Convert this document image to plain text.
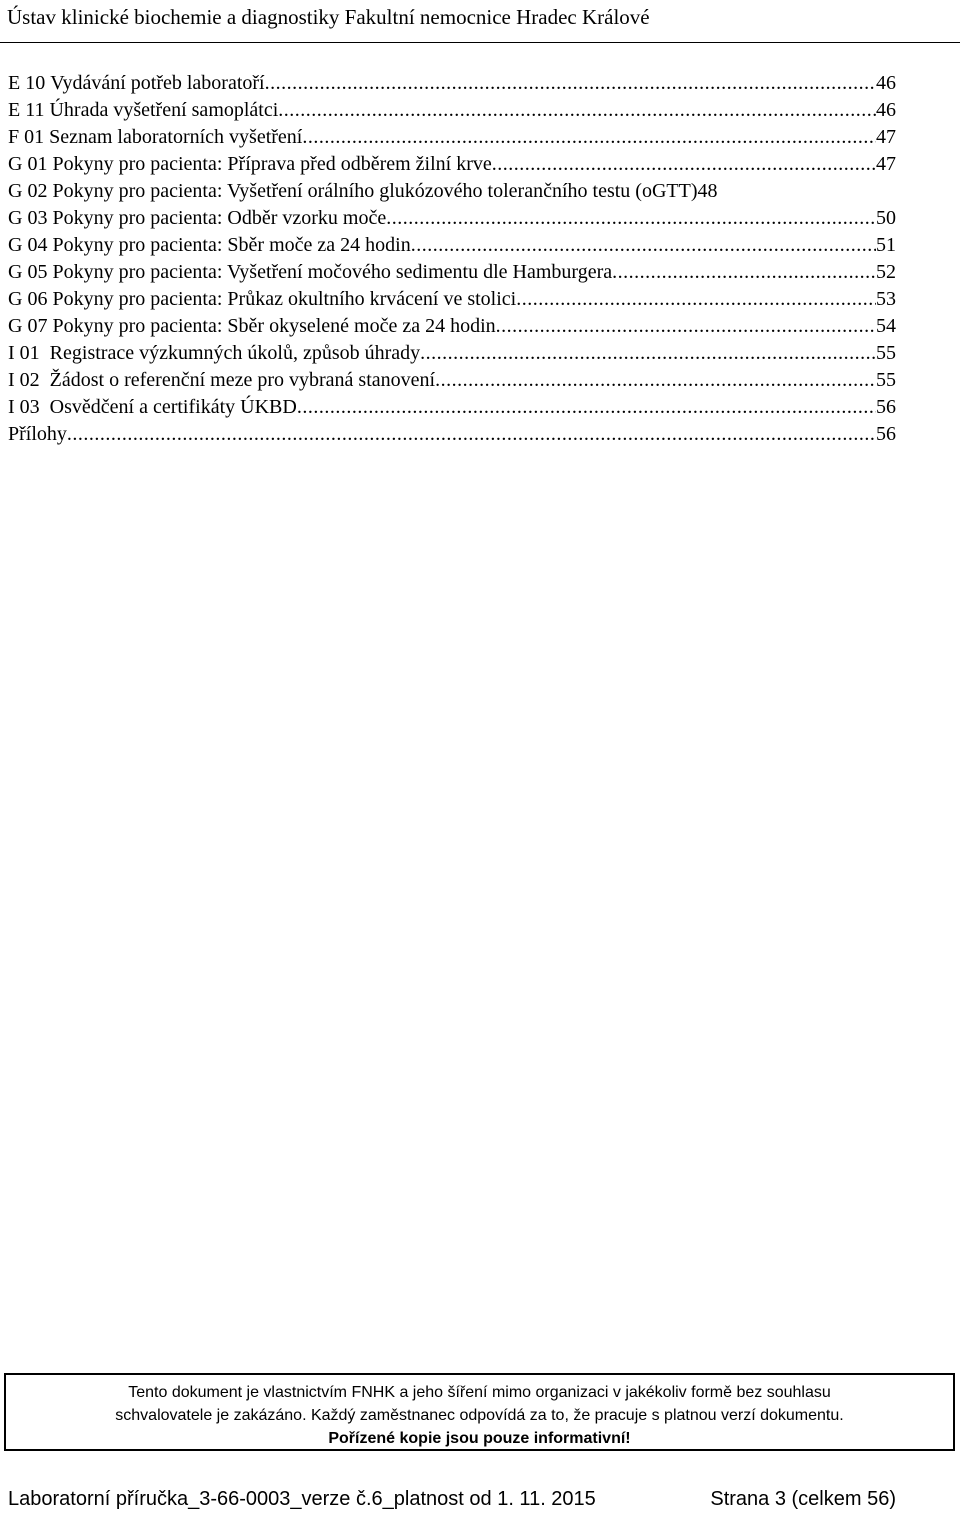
Ústav klinické biochemie a diagnostiky Fakultní nemocnice Hradec Králové
E 10
Vydávání potřeb laboratoří .....	46
E 11
Úhrada vyšetření samoplátci .....	46
F 01
Seznam laboratorních vyšetření .....	47
G 01
Pokyny pro pacienta: Příprava před odběrem žilní krve .....	47
G 02
Pokyny pro pacienta: Vyšetření orálního glukózového tolerančního testu (oGTT) 48
G 03
Pokyny pro pacienta: Odběr vzorku moče .....	50
G 04
Pokyny pro pacienta: Sběr moče za 24 hodin .....	51
G 05
Pokyny pro pacienta: Vyšetření močového sedimentu dle Hamburgera .....	52
G 06
Pokyny pro pacienta: Průkaz okultního krvácení ve stolici .....	53
G 07
Pokyny pro pacienta: Sběr okyselené moče za 24 hodin .....	54
I 01
Registrace výzkumných úkolů, způsob úhrady .....	55
I 02
Žádost o referenční meze pro vybraná stanovení .....	55
I 03
Osvědčení a certifikáty ÚKBD .....	56
Přílohy .....	56
Tento dokument je vlastnictvím FNHK a jeho šíření mimo organizaci v jakékoliv formě bez souhlasu
schvalovatele je zakázáno. Každý zaměstnanec odpovídá za to, že pracuje s platnou verzí dokumentu.
Pořízené kopie jsou pouze informativní!
Laboratorní příručka_3-66-0003_verze č.6_platnost od 1. 11. 2015	Strana 3 (celkem 56)
